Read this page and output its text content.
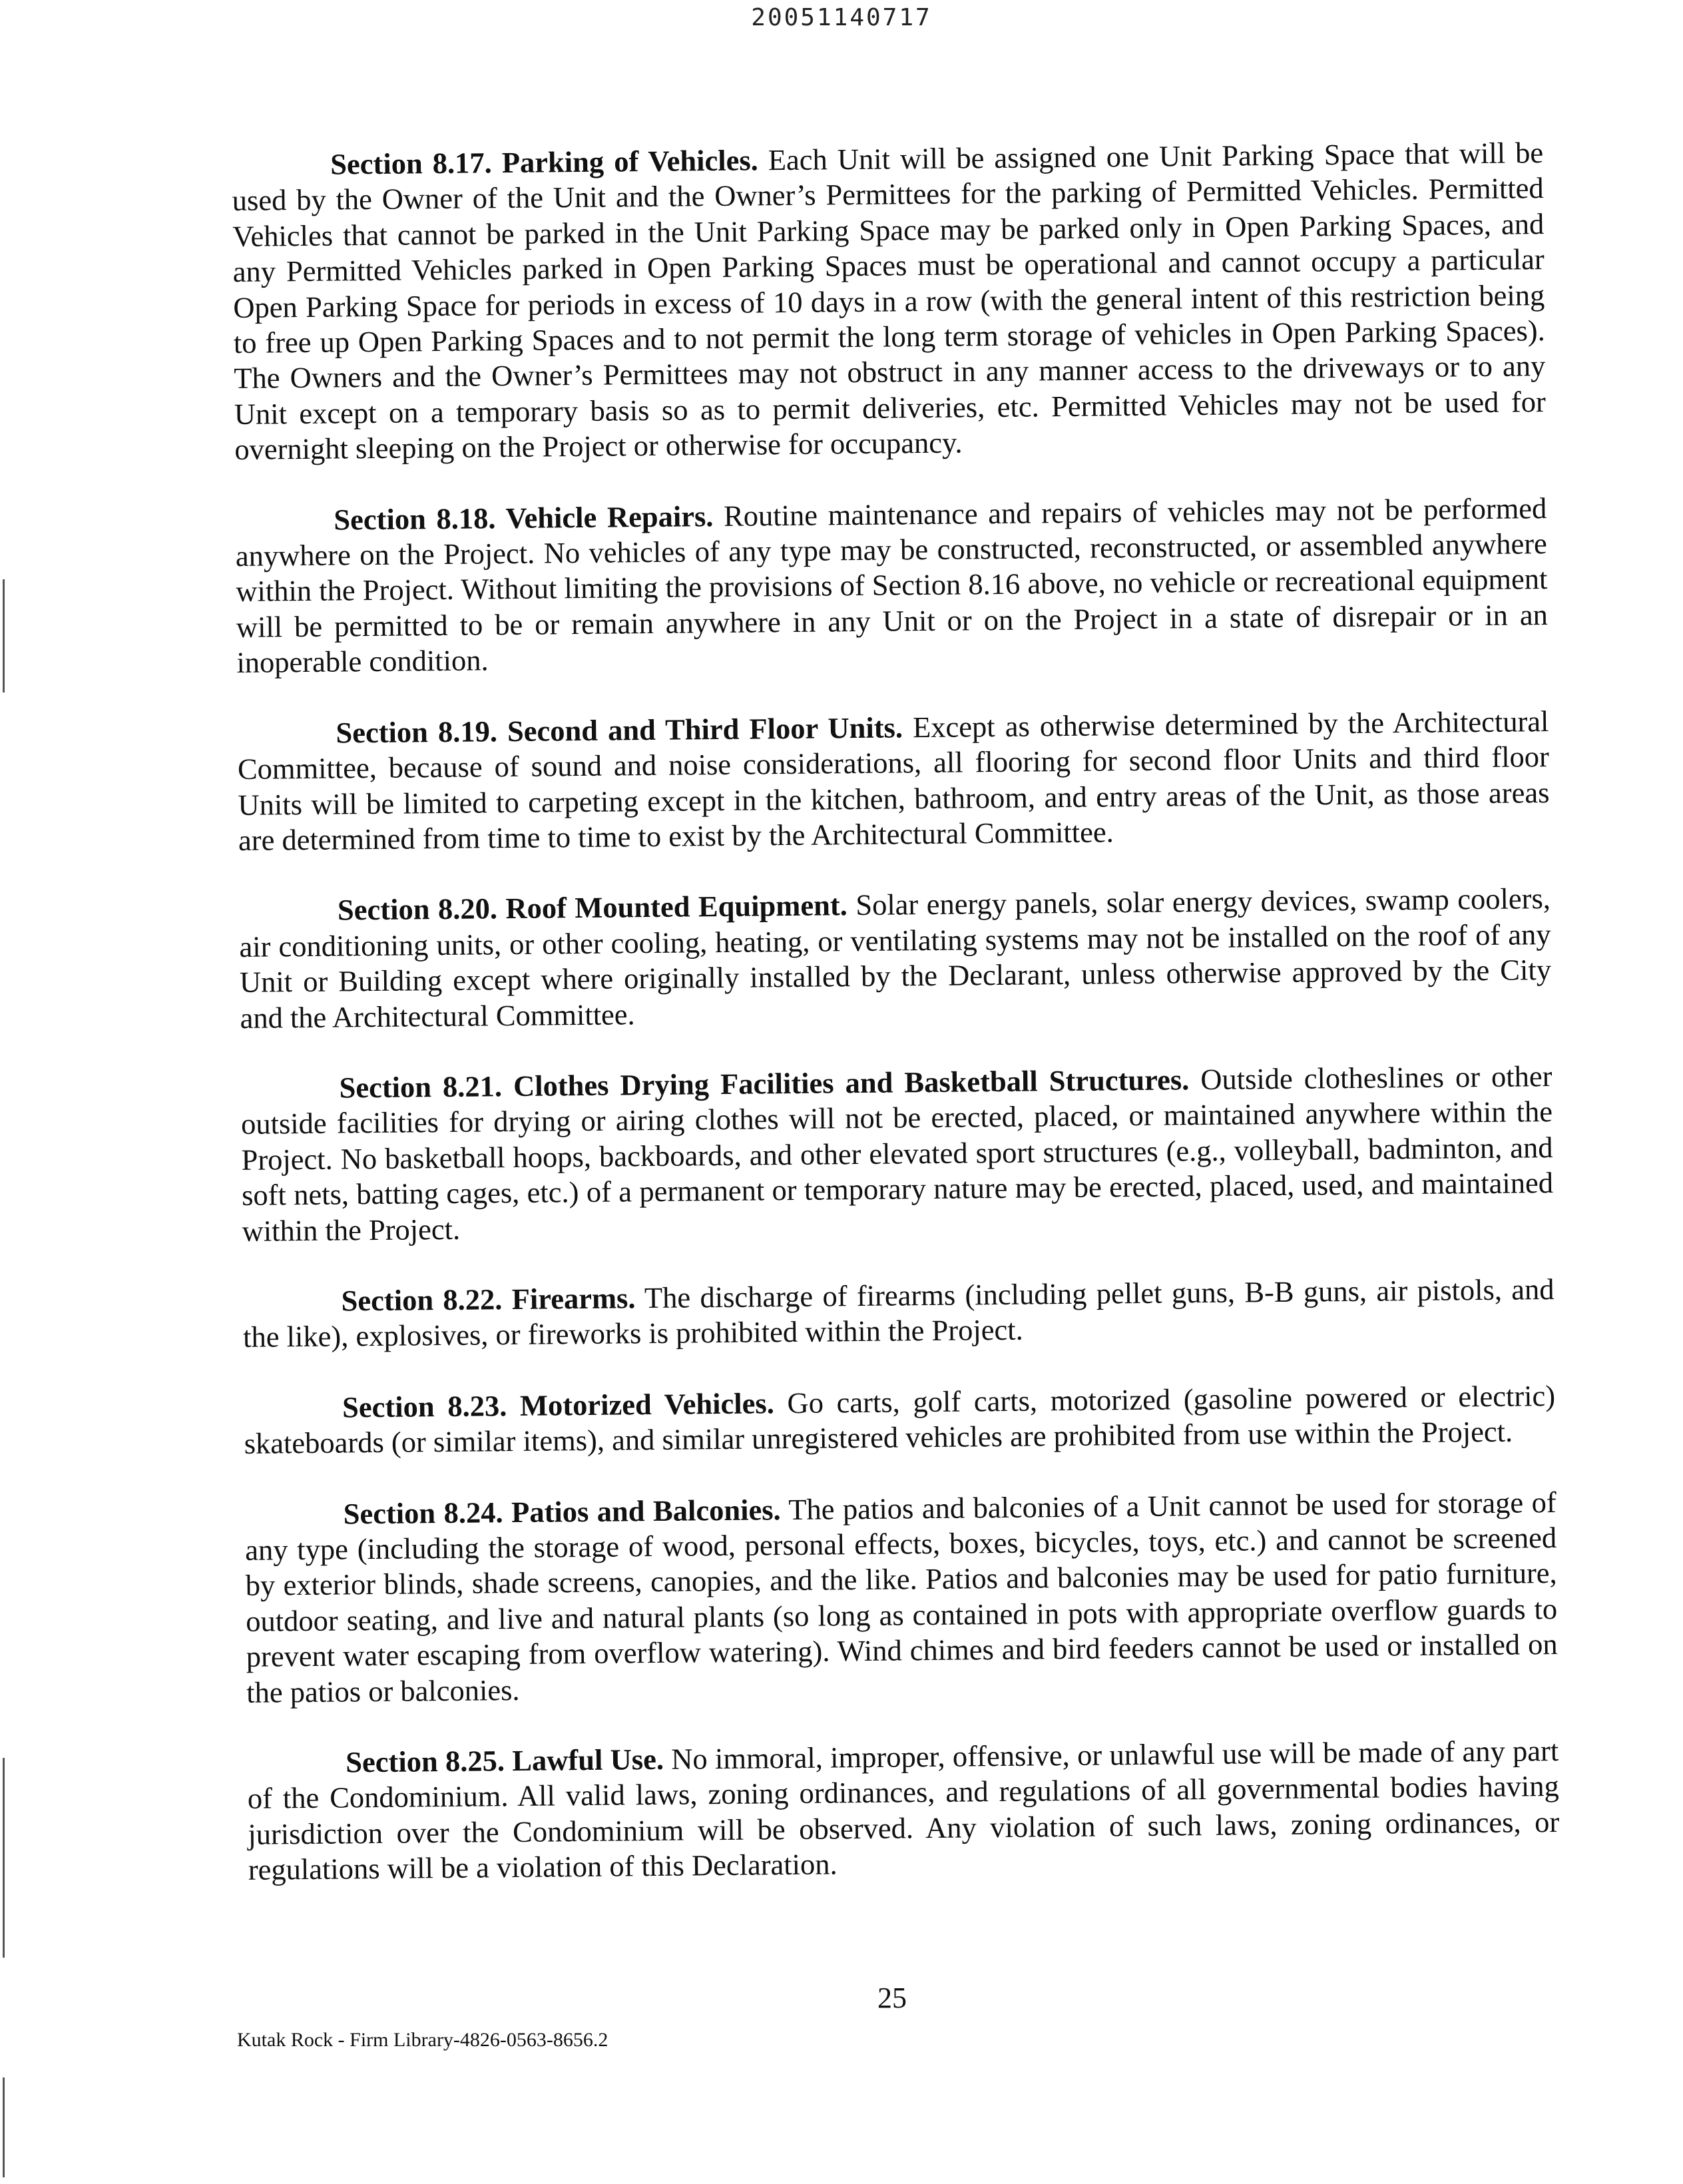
20051140717

Section 8.17. Parking of Vehicles. Each Unit will be assigned one Unit Parking Space that will be used by the Owner of the Unit and the Owner’s Permittees for the parking of Permitted Vehicles. Permitted Vehicles that cannot be parked in the Unit Parking Space may be parked only in Open Parking Spaces, and any Permitted Vehicles parked in Open Parking Spaces must be operational and cannot occupy a particular Open Parking Space for periods in excess of 10 days in a row (with the general intent of this restriction being to free up Open Parking Spaces and to not permit the long term storage of vehicles in Open Parking Spaces). The Owners and the Owner’s Permittees may not obstruct in any manner access to the driveways or to any Unit except on a temporary basis so as to permit deliveries, etc. Permitted Vehicles may not be used for overnight sleeping on the Project or otherwise for occupancy.

Section 8.18. Vehicle Repairs. Routine maintenance and repairs of vehicles may not be performed anywhere on the Project. No vehicles of any type may be constructed, reconstructed, or assembled anywhere within the Project. Without limiting the provisions of Section 8.16 above, no vehicle or recreational equipment will be permitted to be or remain anywhere in any Unit or on the Project in a state of disrepair or in an inoperable condition.

Section 8.19. Second and Third Floor Units. Except as otherwise determined by the Architectural Committee, because of sound and noise considerations, all flooring for second floor Units and third floor Units will be limited to carpeting except in the kitchen, bathroom, and entry areas of the Unit, as those areas are determined from time to time to exist by the Architectural Committee.

Section 8.20. Roof Mounted Equipment. Solar energy panels, solar energy devices, swamp coolers, air conditioning units, or other cooling, heating, or ventilating systems may not be installed on the roof of any Unit or Building except where originally installed by the Declarant, unless otherwise approved by the City and the Architectural Committee.

Section 8.21. Clothes Drying Facilities and Basketball Structures. Outside clotheslines or other outside facilities for drying or airing clothes will not be erected, placed, or maintained anywhere within the Project. No basketball hoops, backboards, and other elevated sport structures (e.g., volleyball, badminton, and soft nets, batting cages, etc.) of a permanent or temporary nature may be erected, placed, used, and maintained within the Project.

Section 8.22. Firearms. The discharge of firearms (including pellet guns, B-B guns, air pistols, and the like), explosives, or fireworks is prohibited within the Project.

Section 8.23. Motorized Vehicles. Go carts, golf carts, motorized (gasoline powered or electric) skateboards (or similar items), and similar unregistered vehicles are prohibited from use within the Project.

Section 8.24. Patios and Balconies. The patios and balconies of a Unit cannot be used for storage of any type (including the storage of wood, personal effects, boxes, bicycles, toys, etc.) and cannot be screened by exterior blinds, shade screens, canopies, and the like. Patios and balconies may be used for patio furniture, outdoor seating, and live and natural plants (so long as contained in pots with appropriate overflow guards to prevent water escaping from overflow watering). Wind chimes and bird feeders cannot be used or installed on the patios or balconies.

Section 8.25. Lawful Use. No immoral, improper, offensive, or unlawful use will be made of any part of the Condominium. All valid laws, zoning ordinances, and regulations of all governmental bodies having jurisdiction over the Condominium will be observed. Any violation of such laws, zoning ordinances, or regulations will be a violation of this Declaration.

25
Kutak Rock - Firm Library-4826-0563-8656.2
